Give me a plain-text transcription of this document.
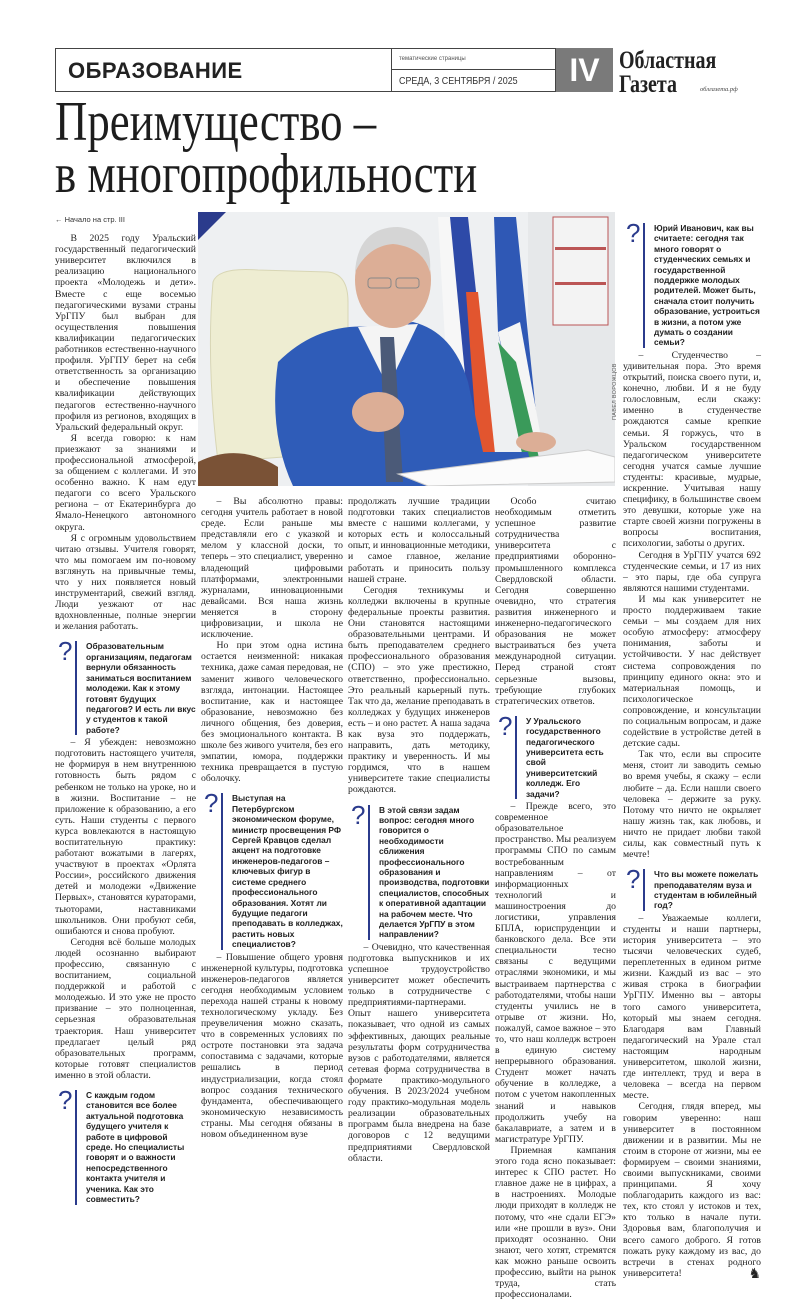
ОБРАЗОВАНИЕ	тематические страницы
СРЕДА, 3 СЕНТЯБРЯ / 2025	IV Областная
Газета	облгазета.рф
Преимущество –
в многопрофильности
ПАВЕЛ ВОРОЖЦОВ
← Начало на стр. III

В 2025 году Уральский государственный педагогический университет включился в реализацию национального проекта «Молодежь и дети». Вместе с еще восемью педагогическими вузами страны УрГПУ был выбран для осуществления повышения квалификации педагогических работников естественно-научного профиля. УрГПУ берет на себя ответственность за организацию и обеспечение повышения квалификации действующих педагогов естественно-научного профиля из регионов, входящих в Уральский федеральный округ.

Я всегда говорю: к нам приезжают за знаниями и профессиональной атмосферой, за общением с коллегами. И это особенно важно. К нам едут педагоги со всего Уральского региона – от Екатеринбурга до Ямало-Ненецкого автономного округа.

Я с огромным удовольствием читаю отзывы. Учителя говорят, что мы помогаем им по-новому взглянуть на привычные темы, что у них появляется новый инструментарий, свежий взгляд. Люди уезжают от нас вдохновленные, полные энергии и желания работать.

? Образовательным организациям, педагогам вернули обязанность заниматься воспитанием молодежи. Как к этому готовят будущих педагогов? И есть ли вкус у студентов к такой работе?

– Я убежден: невозможно подготовить настоящего учителя, не формируя в нем внутреннюю готовность быть рядом с ребенком не только на уроке, но и в жизни. Воспитание – не приложение к образованию, а его суть. Наши студенты с первого курса вовлекаются в настоящую воспитательную практику: работают вожатыми в лагерях, участвуют в проектах «Орлята России», российского движения детей и молодежи «Движение Первых», становятся кураторами, тьюторами, наставниками школьников. Они пробуют себя, ошибаются и снова пробуют.

Сегодня всё больше молодых людей осознанно выбирают профессию, связанную с воспитанием, социальной поддержкой и работой с молодежью. И это уже не просто призвание – это полноценная, серьезная образовательная траектория. Наш университет предлагает целый ряд образовательных программ, которые готовят специалистов именно в этой области.

? С каждым годом становится все более актуальной подготовка будущего учителя к работе в цифровой среде. Но специалисты говорят и о важности непосредственного контакта учителя и ученика. Как это совместить?

– Вы абсолютно правы: сегодня учитель работает в новой среде. Если раньше мы представляли его с указкой и мелом у классной доски, то теперь – это специалист, уверенно владеющий цифровыми платформами, электронными журналами, инновационными девайсами. Вся наша жизнь меняется в сторону цифровизации, и школа не исключение.

Но при этом одна истина остается неизменной: никакая техника, даже самая передовая, не заменит живого человеческого взгляда, интонации. Настоящее воспитание, как и настоящее образование, невозможно без личного общения, без доверия, без эмоционального контакта. В школе без живого учителя, без его эмпатии, юмора, поддержки техника превращается в пустую оболочку.

? Выступая на Петербургском экономическом форуме, министр просвещения РФ Сергей Кравцов сделал акцент на подготовке инженеров-педагогов – ключевых фигур в системе среднего профессионального образования. Хотят ли будущие педагоги преподавать в колледжах, растить новых специалистов?

– Повышение общего уровня инженерной культуры, подготовка инженеров-педагогов является сегодня необходимым условием перехода нашей страны к новому технологическому укладу. Без преувеличения можно сказать, что в современных условиях по остроте постановки эта задача сопоставима с задачами, которые решались в период индустриализации, когда стоял вопрос создания технического фундамента, обеспечивающего экономическую независимость страны. Мы сегодня обязаны в новом объединенном вузе

продолжать лучшие традиции подготовки таких специалистов вместе с нашими коллегами, у которых есть и колоссальный опыт, и инновационные методики, и самое главное, желание работать и приносить пользу нашей стране.

Сегодня техникумы и колледжи включены в крупные федеральные проекты развития. Они становятся настоящими образовательными центрами. И быть преподавателем среднего профессионального образования (СПО) – это уже престижно, ответственно, профессионально. Это реальный карьерный путь. Так что да, желание преподавать в колледжах у будущих инженеров есть – и оно растет. А наша задача как вуза это поддержать, направить, дать методику, практику и уверенность. И мы гордимся, что в нашем университете такие специалисты рождаются.

? В этой связи задам вопрос: сегодня много говорится о необходимости сближения профессионального образования и производства, подготовки специалистов, способных к оперативной адаптации на рабочем месте. Что делается УрГПУ в этом направлении?

– Очевидно, что качественная подготовка выпускников и их успешное трудоустройство университет может обеспечить только в сотрудничестве с предприятиями-партнерами. Опыт нашего университета показывает, что одной из самых эффективных, дающих реальные результаты форм сотрудничества вузов с работодателями, является сетевая форма сотрудничества в формате практико-модульного обучения. В 2023/2024 учебном году практико-модульная модель реализации образовательных программ была внедрена на базе договоров с 12 ведущими предприятиями Свердловской области.

Особо считаю необходимым отметить успешное развитие сотрудничества университета с предприятиями оборонно-промышленного комплекса Свердловской области. Сегодня совершенно очевидно, что стратегия развития инженерного и инженерно-педагогического образования не может выстраиваться без учета международной ситуации. Перед страной стоят серьезные вызовы, требующие глубоких стратегических ответов.

? У Уральского государственного педагогического университета есть свой университетский колледж. Его задачи?

– Прежде всего, это современное образовательное пространство. Мы реализуем программы СПО по самым востребованным направлениям – от информационных технологий и машиностроения до логистики, управления БПЛА, юриспруденции и банковского дела. Все эти специальности тесно связаны с ведущими отраслями экономики, и мы выстраиваем партнерства с работодателями, чтобы наши студенты учились не в отрыве от жизни. Но, пожалуй, самое важное – это то, что наш колледж встроен в единую систему непрерывного образования. Студент может начать обучение в колледже, а потом с учетом накопленных знаний и навыков продолжить учебу на бакалавриате, а затем и в магистратуре УрГПУ.

Приемная кампания этого года ясно показывает: интерес к СПО растет. Но главное даже не в цифрах, а в настроениях. Молодые люди приходят в колледж не потому, что «не сдали ЕГЭ» или «не прошли в вуз». Они приходят осознанно. Они знают, чего хотят, стремятся как можно раньше освоить профессию, выйти на рынок труда, стать профессионалами.

? Юрий Иванович, как вы считаете: сегодня так много говорят о студенческих семьях и государственной поддержке молодых родителей. Может быть, сначала стоит получить образование, устроиться в жизни, а потом уже думать о создании семьи?

– Студенчество – удивительная пора. Это время открытий, поиска своего пути, и, конечно, любви. И я не буду голословным, если скажу: именно в студенчестве рождаются самые крепкие семьи. Я горжусь, что в Уральском государственном педагогическом университете сегодня учатся самые лучшие студенты: красивые, мудрые, искренние. Учитывая нашу специфику, в большинстве своем это девушки, которые уже на старте своей жизни погружены в вопросы воспитания, психологии, заботы о других.

Сегодня в УрГПУ учатся 692 студенческие семьи, и 17 из них – это пары, где оба супруга являются нашими студентами.

И мы как университет не просто поддерживаем такие семьи – мы создаем для них особую атмосферу: атмосферу понимания, заботы и устойчивости. У нас действует система сопровождения по принципу единого окна: это и материальная помощь, и психологическое сопровождение, и консультации по социальным вопросам, и даже содействие в устройстве детей в детские сады.

Так что, если вы спросите меня, стоит ли заводить семью во время учебы, я скажу – если любите – да. Если нашли своего человека – держите за руку. Потому что ничто не окрыляет нашу жизнь так, как любовь, и ничто не придает любви такой силы, как совместный путь к мечте!

? Что вы можете пожелать преподавателям вуза и студентам в юбилейный год?

– Уважаемые коллеги, студенты и наши партнеры, история университета – это тысячи человеческих судеб, переплетенных в едином ритме жизни. Каждый из вас – это живая строка в биографии УрГПУ. Именно вы – авторы того самого университета, который мы знаем сегодня. Благодаря вам Главный педагогический на Урале стал настоящим народным университетом, школой жизни, где интеллект, труд и вера в человека – всегда на первом месте.

Сегодня, глядя вперед, мы говорим уверенно: наш университет в постоянном движении и в развитии. Мы не стоим в стороне от жизни, мы ее формируем – своими знаниями, своими выпускниками, своими принципами. Я хочу поблагодарить каждого из вас: тех, кто стоял у истоков и тех, кто только в начале пути. Здоровья вам, благополучия и всего самого доброго. Я готов пожать руку каждому из вас, до встречи в стенах родного университета!	♞
